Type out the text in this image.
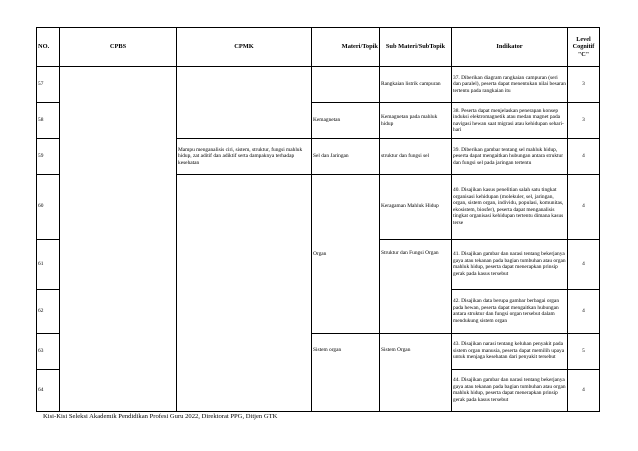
NO.	CPBS	CPMK	Materi/Topik	Sub Materi/SubTopik	Indikator	Level Cognitif "C"
57				Rangkaian listrik campuran	37. Diberikan diagram rangkaian campuran (seri dan paralel), peserta dapat menentukan nilai besaran tertentu pada rangkaian itu	3
58			Kemagnetan	Kemagnetan pada mahluk hidup	38. Peserta dapat menjelaskan penerapan konsep induksi elektromagnetik atau medan magnet pada navigasi hewan saat migrasi atau kehidupan sehari-hari	3
59		Mampu menganalisis ciri, sistem, struktur, fungsi mahluk hidup, zat aditif dan adiktif serta dampaknya terhadap kesehatan	Sel dan Jaringan	struktur dan fungsi sel	39. Diberikan gambar tentang sel mahluk hidup, peserta dapat mengaitkan hubungan antara struktur dan fungsi sel pada jaringan tertentu	4
60			Organ	Keragaman Mahluk Hidup	40. Disajikan kasus penelitian salah satu tingkat organisasi kehidupan (molekuler, sel, jaringan, organ, sistem organ, individu, populasi, komunitas, ekosistem, biosfer), peserta dapat menganalisis tingkat organisasi kehidupan tertentu dimana kasus terse	4
61				Struktur dan Fungsi Organ	41. Disajikan gambar dan narasi tentang bekerjanya gaya atau tekanan pada bagian tumbuhan atau organ mahluk hidup, peserta dapat menerapkan prinsip gerak pada kasus tersebut	4
62					42. Disajikan data berupa gambar berbagai organ pada hewan, peserta dapat mengaitkan hubungan antara struktur dan fungsi organ tersebut dalam mendukung sistem organ	4
63			Sistem organ	Sistem Organ	43. Disajikan narasi tentang keluhan penyakit pada sistem organ manusia, peserta dapat memilih upaya untuk menjaga kesehatan dari penyakit tersebut	5
64					44. Disajikan gambar dan narasi tentang bekerjanya gaya atau tekanan pada bagian tumbuhan atau organ mahluk hidup, peserta dapat menerapkan prinsip gerak pada kasus tersebut	4
Kisi-Kisi Seleksi Akademik Pendidikan Profesi Guru 2022, Direktorat PPG, Ditjen GTK
